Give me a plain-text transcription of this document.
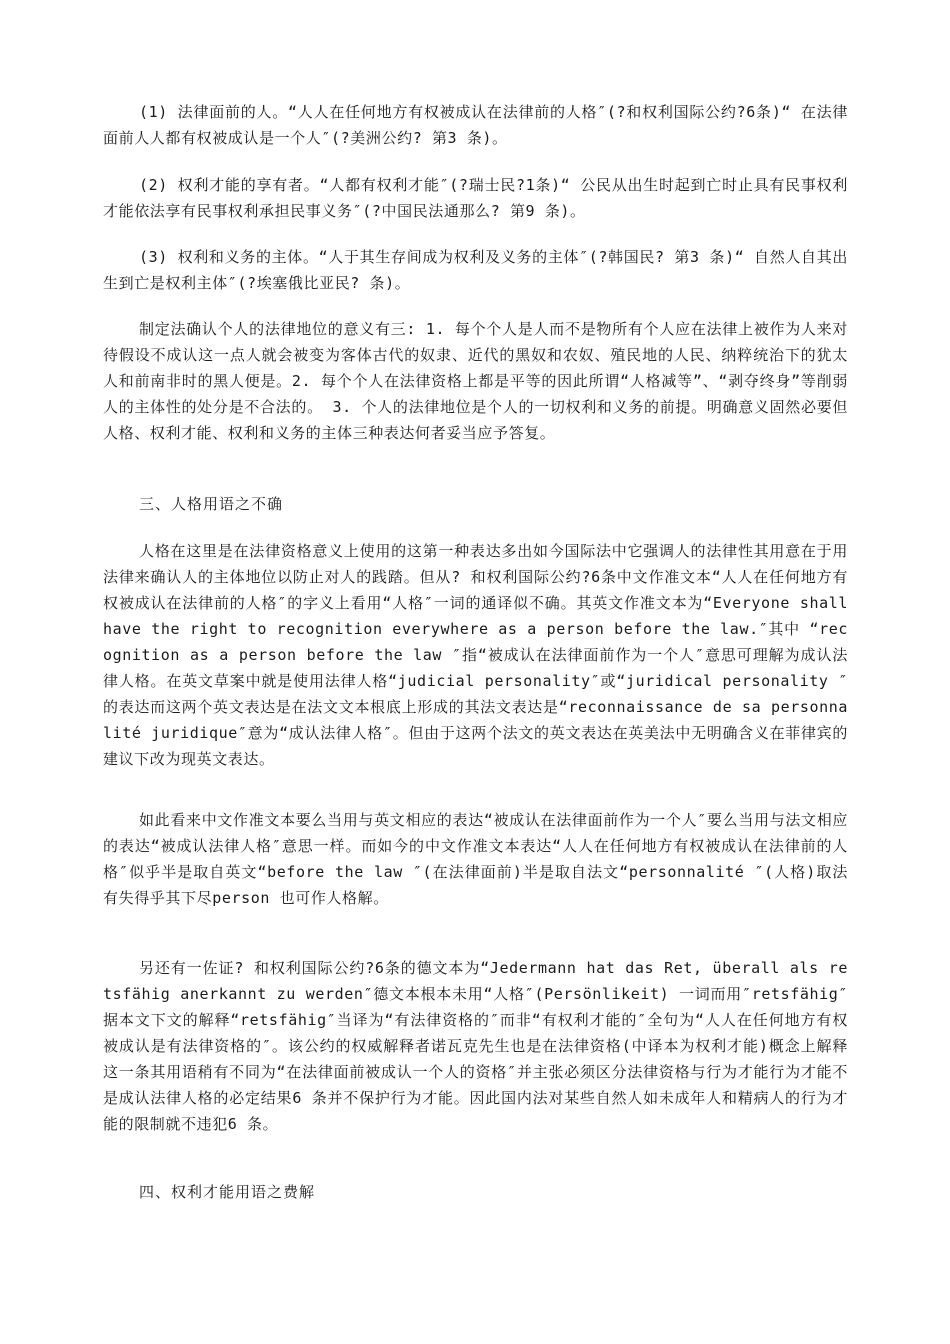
(1) 法律面前的人。“人人在任何地方有权被成认在法律前的人格″(?和权利国际公约?6条)“ 在法律面前人人都有权被成认是一个人″(?美洲公约? 第3 条)。

(2) 权利才能的享有者。“人都有权利才能″(?瑞士民?1条)“ 公民从出生时起到亡时止具有民事权利才能依法享有民事权利承担民事义务″(?中国民法通那么? 第9 条)。

(3) 权利和义务的主体。“人于其生存间成为权利及义务的主体″(?韩国民? 第3 条)“ 自然人自其出生到亡是权利主体″(?埃塞俄比亚民? 条)。

制定法确认个人的法律地位的意义有三: 1. 每个个人是人而不是物所有个人应在法律上被作为人来对待假设不成认这一点人就会被变为客体古代的奴隶、近代的黑奴和农奴、殖民地的人民、纳粹统治下的犹太人和前南非时的黑人便是。2. 每个个人在法律资格上都是平等的因此所谓“人格减等”、“剥夺终身”等削弱人的主体性的处分是不合法的。 3. 个人的法律地位是个人的一切权利和义务的前提。明确意义固然必要但人格、权利才能、权利和义务的主体三种表达何者妥当应予答复。

三、人格用语之不确

人格在这里是在法律资格意义上使用的这第一种表达多出如今国际法中它强调人的法律性其用意在于用法律来确认人的主体地位以防止对人的践踏。但从? 和权利国际公约?6条中文作准文本“人人在任何地方有权被成认在法律前的人格″的字义上看用“人格″一词的通译似不确。其英文作准文本为“Everyone shall have the right to recognition everywhere as a person before the law.″其中 “recognition as a person before the law ″指“被成认在法律面前作为一个人″意思可理解为成认法律人格。在英文草案中就是使用法律人格“judicial personality″或“juridical personality ″的表达而这两个英文表达是在法文文本根底上形成的其法文表达是“reconnaissance de sa personnalité juridique″意为“成认法律人格″。但由于这两个法文的英文表达在英美法中无明确含义在菲律宾的建议下改为现英文表达。

如此看来中文作准文本要么当用与英文相应的表达“被成认在法律面前作为一个人″要么当用与法文相应的表达“被成认法律人格″意思一样。而如今的中文作准文本表达“人人在任何地方有权被成认在法律前的人格″似乎半是取自英文“before the law ″(在法律面前)半是取自法文“personnalité ″(人格)取法有失得乎其下尽person 也可作人格解。

另还有一佐证? 和权利国际公约?6条的德文本为“Jedermann hat das Ret, überall als retsfähig anerkannt zu werden″德文本根本未用“人格″(Persönlikeit) 一词而用″retsfähig″据本文下文的解释“retsfähig″当译为“有法律资格的″而非“有权利才能的″全句为“人人在任何地方有权被成认是有法律资格的″。该公约的权威解释者诺瓦克先生也是在法律资格(中译本为权利才能)概念上解释这一条其用语稍有不同为“在法律面前被成认一个人的资格″并主张必须区分法律资格与行为才能行为才能不是成认法律人格的必定结果6 条并不保护行为才能。因此国内法对某些自然人如未成年人和精病人的行为才能的限制就不违犯6 条。

四、权利才能用语之费解
